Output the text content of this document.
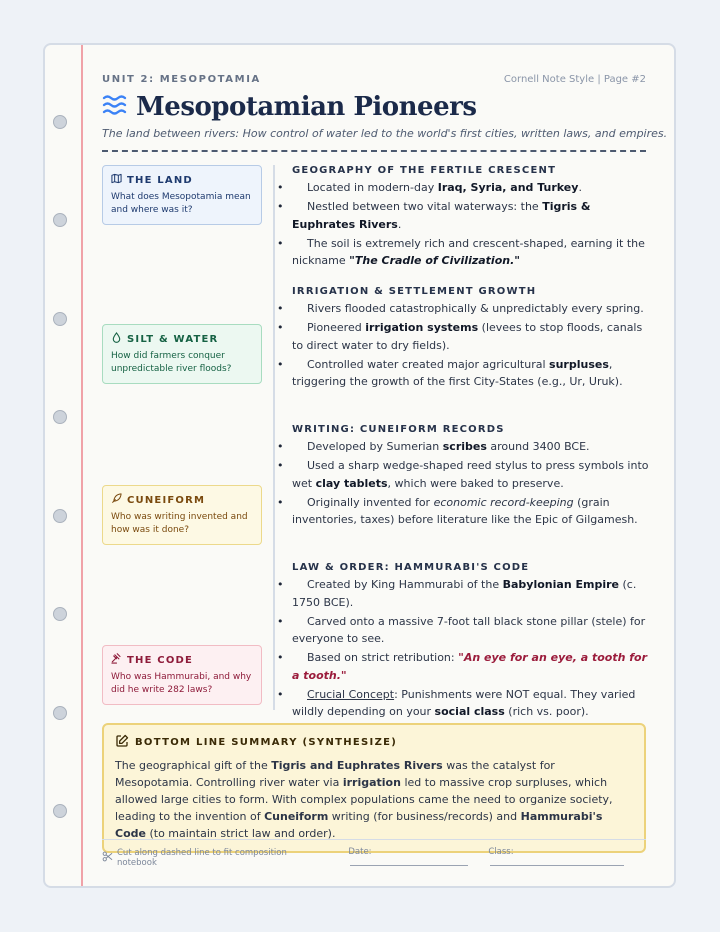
UNIT 2: MESOPOTAMIA	Cornell Note Style | Page #2
Mesopotamian Pioneers
The land between rivers: How control of water led to the world's first cities, written laws, and empires.
THE LAND
What does Mesopotamia mean and where was it?
SILT & WATER
How did farmers conquer unpredictable river floods?
CUNEIFORM
Who was writing invented and how was it done?
THE CODE
Who was Hammurabi, and why did he write 282 laws?
GEOGRAPHY OF THE FERTILE CRESCENT
• Located in modern-day Iraq, Syria, and Turkey.
• Nestled between two vital waterways: the Tigris & Euphrates Rivers.
• The soil is extremely rich and crescent-shaped, earning it the nickname "The Cradle of Civilization."
IRRIGATION & SETTLEMENT GROWTH
• Rivers flooded catastrophically & unpredictably every spring.
• Pioneered irrigation systems (levees to stop floods, canals to direct water to dry fields).
• Controlled water created major agricultural surpluses, triggering the growth of the first City-States (e.g., Ur, Uruk).
WRITING: CUNEIFORM RECORDS
• Developed by Sumerian scribes around 3400 BCE.
• Used a sharp wedge-shaped reed stylus to press symbols into wet clay tablets, which were baked to preserve.
• Originally invented for economic record-keeping (grain inventories, taxes) before literature like the Epic of Gilgamesh.
LAW & ORDER: HAMMURABI'S CODE
• Created by King Hammurabi of the Babylonian Empire (c. 1750 BCE).
• Carved onto a massive 7-foot tall black stone pillar (stele) for everyone to see.
• Based on strict retribution: "An eye for an eye, a tooth for a tooth."
• Crucial Concept: Punishments were NOT equal. They varied wildly depending on your social class (rich vs. poor).
BOTTOM LINE SUMMARY (SYNTHESIZE)
The geographical gift of the Tigris and Euphrates Rivers was the catalyst for Mesopotamia. Controlling river water via irrigation led to massive crop surpluses, which allowed large cities to form. With complex populations came the need to organize society, leading to the invention of Cuneiform writing (for business/records) and Hammurabi's Code (to maintain strict law and order).
Cut along dashed line to fit composition notebook
Date:	Class:
